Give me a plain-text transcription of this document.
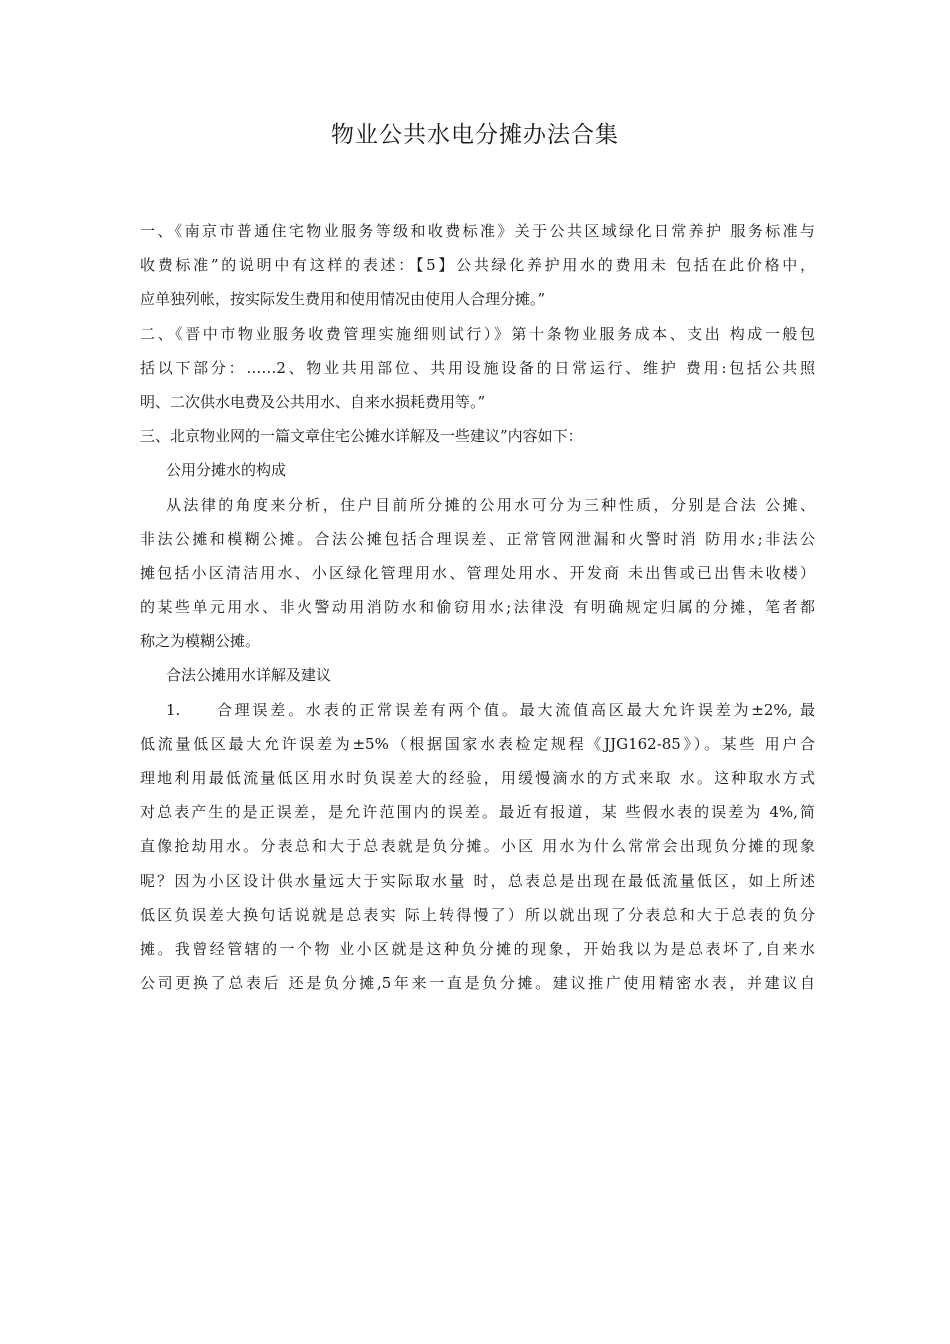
物业公共水电分摊办法合集
一、《南京市普通住宅物业服务等级和收费标准》关于公共区域绿化日常养护 服务标准与
收费标准”的说明中有这样的表述：【5】公共绿化养护用水的费用未 包括在此价格中，
应单独列帐，按实际发生费用和使用情况由使用人合理分摊。”
二、《晋中市物业服务收费管理实施细则试行）》第十条物业服务成本、支出 构成一般包
括以下部分：……2、物业共用部位、共用设施设备的日常运行、维护 费用:包括公共照
明、二次供水电费及公共用水、自来水损耗费用等。”
三、北京物业网的一篇文章住宅公摊水详解及一些建议”内容如下：
公用分摊水的构成
从法律的角度来分析，住户目前所分摊的公用水可分为三种性质，分别是合法 公摊、
非法公摊和模糊公摊。合法公摊包括合理误差、正常管网泄漏和火警时消 防用水;非法公
摊包括小区清洁用水、小区绿化管理用水、管理处用水、开发商 未出售或已出售未收楼）
的某些单元用水、非火警动用消防水和偷窃用水;法律没 有明确规定归属的分摊，笔者都
称之为模糊公摊。
合法公摊用水详解及建议
1. 合理误差。水表的正常误差有两个值。最大流值高区最大允许误差为±2%, 最
低流量低区最大允许误差为±5%（根据国家水表检定规程《JJG162-85》）。某些 用户合
理地利用最低流量低区用水时负误差大的经验，用缓慢滴水的方式来取 水。这种取水方式
对总表产生的是正误差，是允许范围内的误差。最近有报道，某 些假水表的误差为 4%,简
直像抢劫用水。分表总和大于总表就是负分摊。小区 用水为什么常常会出现负分摊的现象
呢？因为小区设计供水量远大于实际取水量 时，总表总是出现在最低流量低区，如上所述
低区负误差大换句话说就是总表实 际上转得慢了）所以就出现了分表总和大于总表的负分
摊。我曾经管辖的一个物 业小区就是这种负分摊的现象，开始我以为是总表坏了,自来水
公司更换了总表后 还是负分摊,5年来一直是负分摊。建议推广使用精密水表，并建议自
